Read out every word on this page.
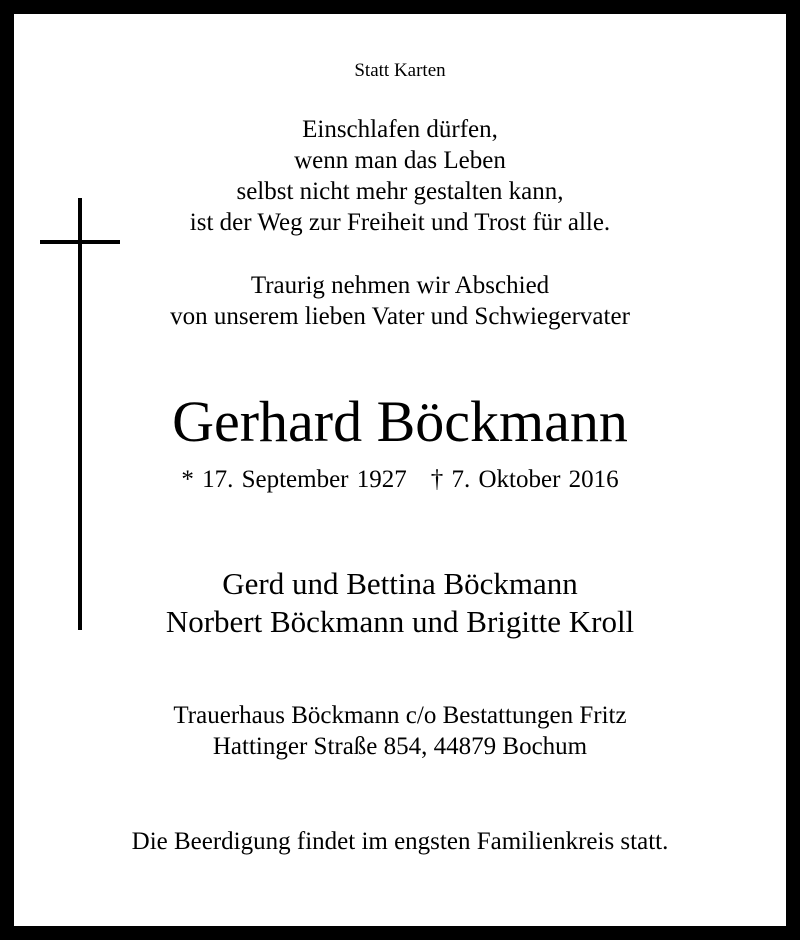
Statt Karten
Einschlafen dürfen,
wenn man das Leben
selbst nicht mehr gestalten kann,
ist der Weg zur Freiheit und Trost für alle.
Traurig nehmen wir Abschied
von unserem lieben Vater und Schwiegervater
Gerhard Böckmann
* 17. September 1927 † 7. Oktober 2016
Gerd und Bettina Böckmann
Norbert Böckmann und Brigitte Kroll
Trauerhaus Böckmann c/o Bestattungen Fritz
Hattinger Straße 854, 44879 Bochum
Die Beerdigung findet im engsten Familienkreis statt.
